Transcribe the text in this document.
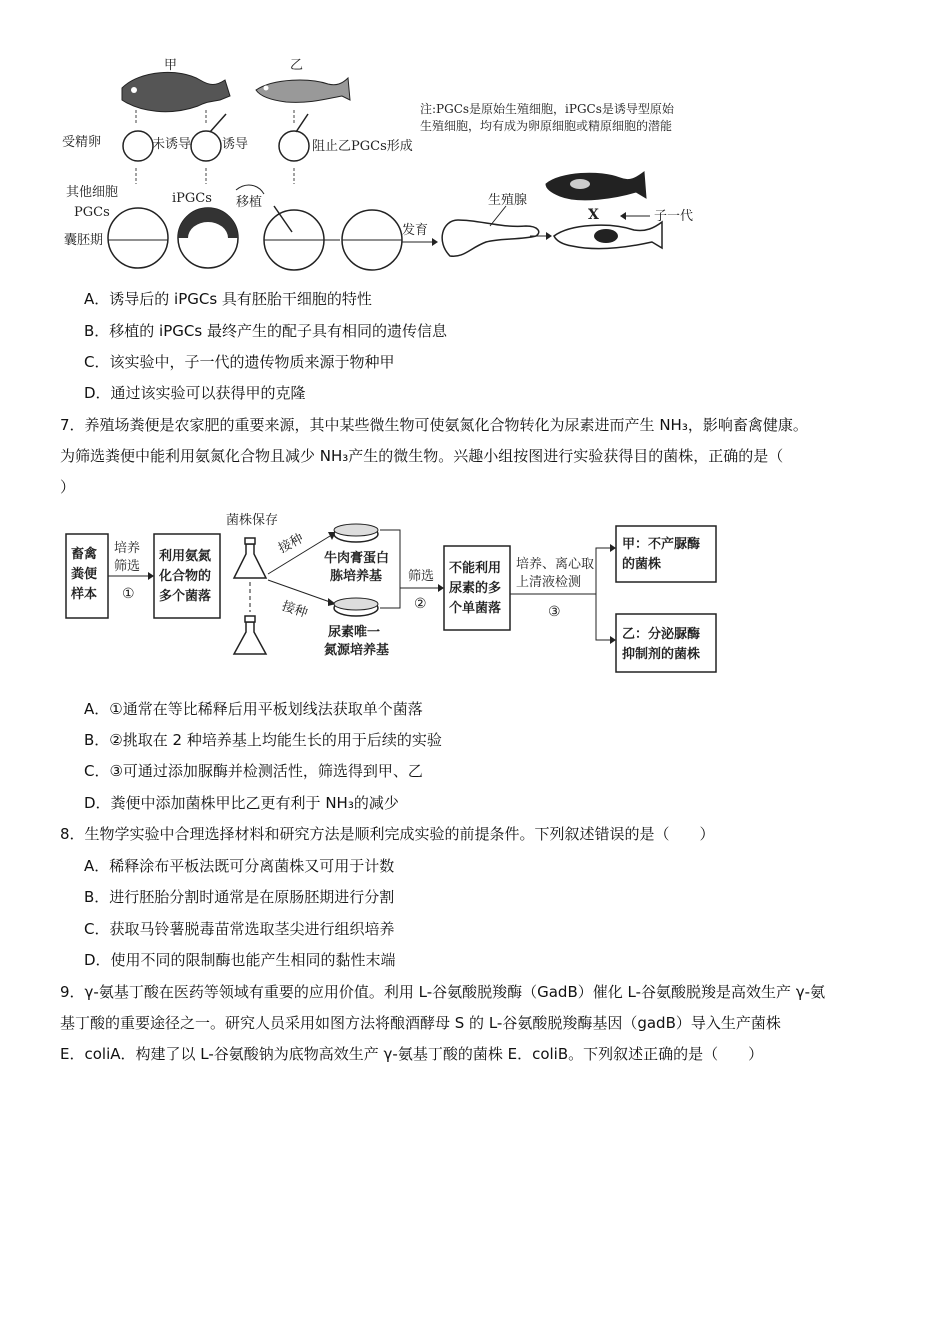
甲	乙
受精卵	未诱导 诱导	阻止乙PGCs形成
其他细胞
PGCs
囊胚期
iPGCs 移植
发育
生殖腺
X	子一代
注:PGCs是原始生殖细胞，iPGCs是诱导型原始
生殖细胞，均有成为卵原细胞或精原细胞的潜能
A．诱导后的 iPGCs 具有胚胎干细胞的特性
B．移植的 iPGCs 最终产生的配子具有相同的遗传信息
C．该实验中，子一代的遗传物质来源于物种甲
D．通过该实验可以获得甲的克隆
7．养殖场粪便是农家肥的重要来源，其中某些微生物可使氨氮化合物转化为尿素进而产生 NH₃，影响畜禽健康。
为筛选粪便中能利用氨氮化合物且减少 NH₃产生的微生物。兴趣小组按图进行实验获得目的菌株，正确的是（
）
畜禽
粪便
样本
培养
筛选
①
利用氨氮
化合物的
多个菌落
菌株保存
接种
接种
牛肉膏蛋白
胨培养基
尿素唯一
氮源培养基
筛选
②
不能利用
尿素的多
个单菌落
培养、离心取
上清液检测
③
甲：不产脲酶
的菌株
乙：分泌脲酶
抑制剂的菌株
A．①通常在等比稀释后用平板划线法获取单个菌落
B．②挑取在 2 种培养基上均能生长的用于后续的实验
C．③可通过添加脲酶并检测活性，筛选得到甲、乙
D．粪便中添加菌株甲比乙更有利于 NH₃的减少
8．生物学实验中合理选择材料和研究方法是顺利完成实验的前提条件。下列叙述错误的是（　　）
A．稀释涂布平板法既可分离菌株又可用于计数
B．进行胚胎分割时通常是在原肠胚期进行分割
C．获取马铃薯脱毒苗常选取茎尖进行组织培养
D．使用不同的限制酶也能产生相同的黏性末端
9．γ-氨基丁酸在医药等领域有重要的应用价值。利用 L-谷氨酸脱羧酶（GadB）催化 L-谷氨酸脱羧是高效生产 γ-氨
基丁酸的重要途径之一。研究人员采用如图方法将酿酒酵母 S 的 L-谷氨酸脱羧酶基因（gadB）导入生产菌株
E．coliA．构建了以 L-谷氨酸钠为底物高效生产 γ-氨基丁酸的菌株 E．coliB。下列叙述正确的是（　　）
